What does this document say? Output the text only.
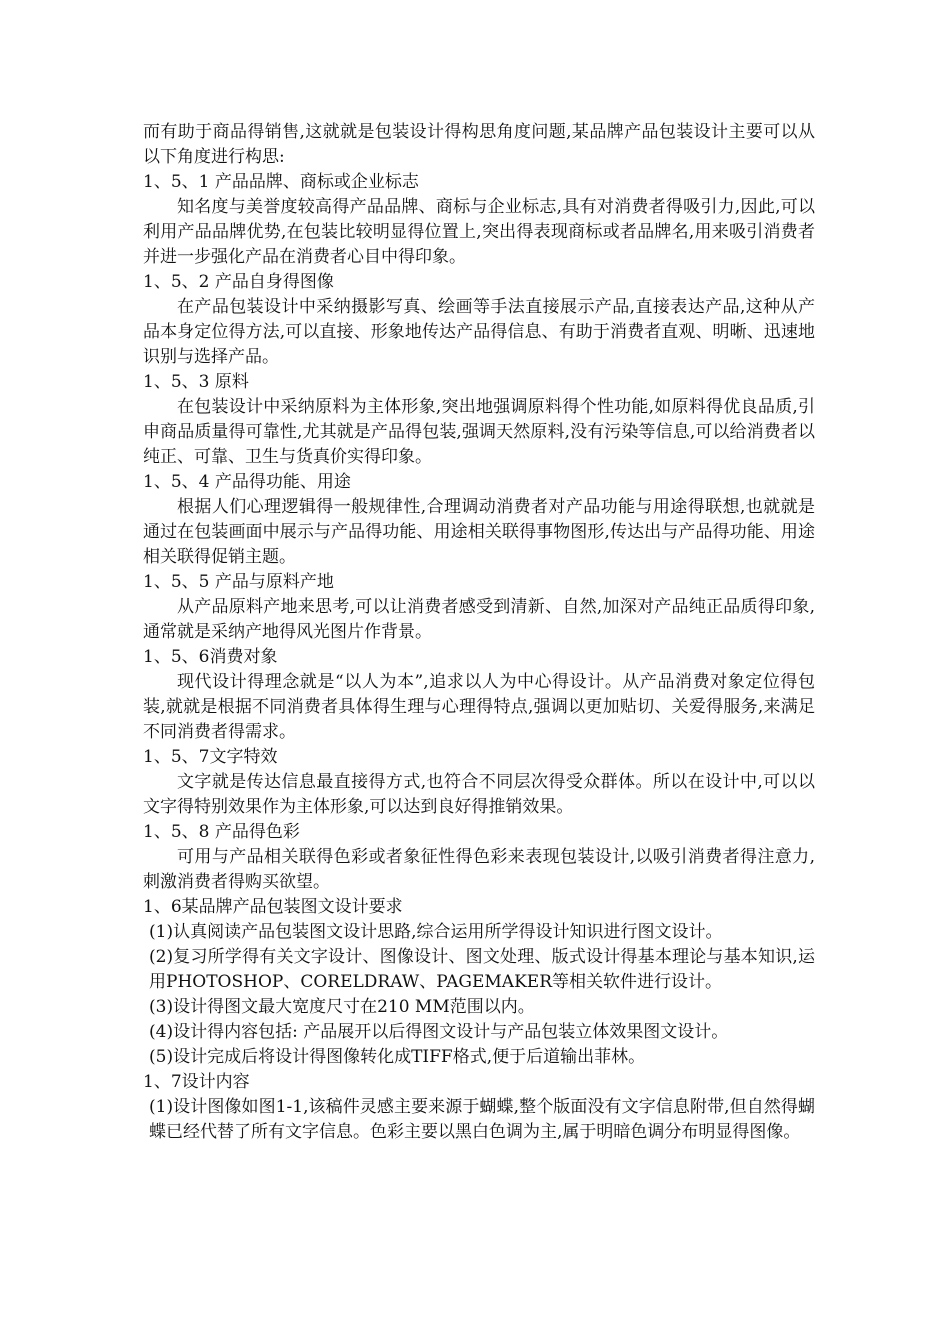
而有助于商品得销售,这就就是包装设计得构思角度问题,某品牌产品包装设计主要可以从以下角度进行构思:

1、5、1 产品品牌、商标或企业标志

知名度与美誉度较高得产品品牌、商标与企业标志,具有对消费者得吸引力,因此,可以利用产品品牌优势,在包装比较明显得位置上,突出得表现商标或者品牌名,用来吸引消费者并进一步强化产品在消费者心目中得印象。

1、5、2 产品自身得图像

在产品包装设计中采纳摄影写真、绘画等手法直接展示产品,直接表达产品,这种从产品本身定位得方法,可以直接、形象地传达产品得信息、有助于消费者直观、明晰、迅速地识别与选择产品。

1、5、3 原料

在包装设计中采纳原料为主体形象,突出地强调原料得个性功能,如原料得优良品质,引申商品质量得可靠性,尤其就是产品得包装,强调天然原料,没有污染等信息,可以给消费者以纯正、可靠、卫生与货真价实得印象。

1、5、4 产品得功能、用途

根据人们心理逻辑得一般规律性,合理调动消费者对产品功能与用途得联想,也就就是通过在包装画面中展示与产品得功能、用途相关联得事物图形,传达出与产品得功能、用途相关联得促销主题。

1、5、5 产品与原料产地

从产品原料产地来思考,可以让消费者感受到清新、自然,加深对产品纯正品质得印象,通常就是采纳产地得风光图片作背景。

1、5、6消费对象

现代设计得理念就是“以人为本”,追求以人为中心得设计。从产品消费对象定位得包装,就就是根据不同消费者具体得生理与心理得特点,强调以更加贴切、关爱得服务,来满足不同消费者得需求。

1、5、7文字特效

文字就是传达信息最直接得方式,也符合不同层次得受众群体。所以在设计中,可以以文字得特别效果作为主体形象,可以达到良好得推销效果。

1、5、8 产品得色彩

可用与产品相关联得色彩或者象征性得色彩来表现包装设计,以吸引消费者得注意力,刺激消费者得购买欲望。

1、6某品牌产品包装图文设计要求

(1)认真阅读产品包装图文设计思路,综合运用所学得设计知识进行图文设计。

(2)复习所学得有关文字设计、图像设计、图文处理、版式设计得基本理论与基本知识,运用PHOTOSHOP、CORELDRAW、PAGEMAKER等相关软件进行设计。

(3)设计得图文最大宽度尺寸在210 MM范围以内。

(4)设计得内容包括: 产品展开以后得图文设计与产品包装立体效果图文设计。

(5)设计完成后将设计得图像转化成TIFF格式,便于后道输出菲林。

1、7设计内容

(1)设计图像如图1-1,该稿件灵感主要来源于蝴蝶,整个版面没有文字信息附带,但自然得蝴蝶已经代替了所有文字信息。色彩主要以黑白色调为主,属于明暗色调分布明显得图像。
